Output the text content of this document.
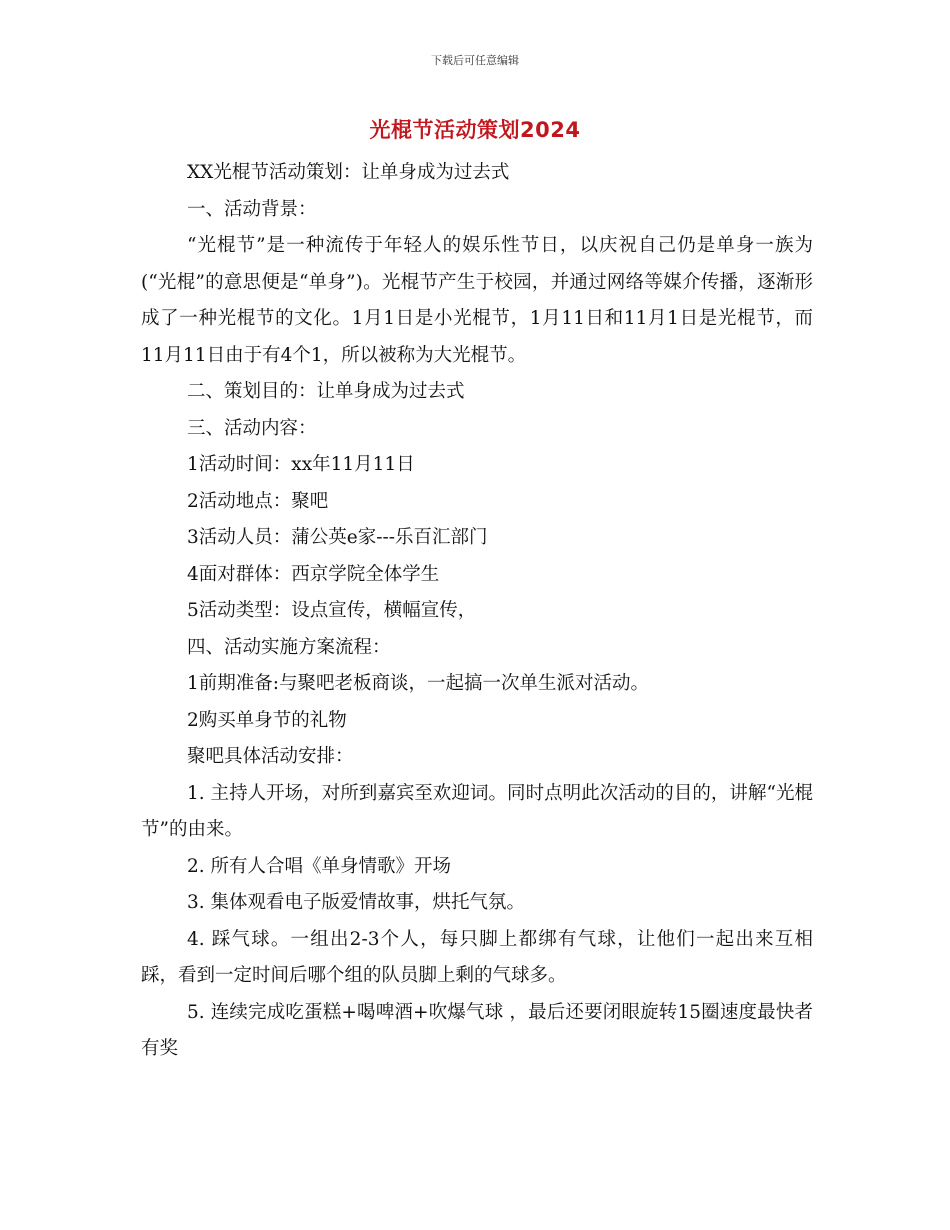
下载后可任意编辑
光棍节活动策划2024

XX光棍节活动策划：让单身成为过去式

一、活动背景：

“光棍节”是一种流传于年轻人的娱乐性节日，以庆祝自己仍是单身一族为(“光棍”的意思便是“单身”)。光棍节产生于校园，并通过网络等媒介传播，逐渐形成了一种光棍节的文化。1月1日是小光棍节，1月11日和11月1日是光棍节，而11月11日由于有4个1，所以被称为大光棍节。

二、策划目的：让单身成为过去式

三、活动内容：

1活动时间：xx年11月11日

2活动地点：聚吧

3活动人员：蒲公英e家---乐百汇部门

4面对群体：西京学院全体学生

5活动类型：设点宣传，横幅宣传，

四、活动实施方案流程：

1前期准备:与聚吧老板商谈，一起搞一次单生派对活动。

2购买单身节的礼物

聚吧具体活动安排：

1. 主持人开场，对所到嘉宾至欢迎词。同时点明此次活动的目的，讲解“光棍节”的由来。

2. 所有人合唱《单身情歌》开场

3. 集体观看电子版爱情故事，烘托气氛。

4. 踩气球。一组出2-3个人，每只脚上都绑有气球，让他们一起出来互相踩，看到一定时间后哪个组的队员脚上剩的气球多。

5. 连续完成吃蛋糕+喝啤酒+吹爆气球 ，最后还要闭眼旋转15圈速度最快者有奖
